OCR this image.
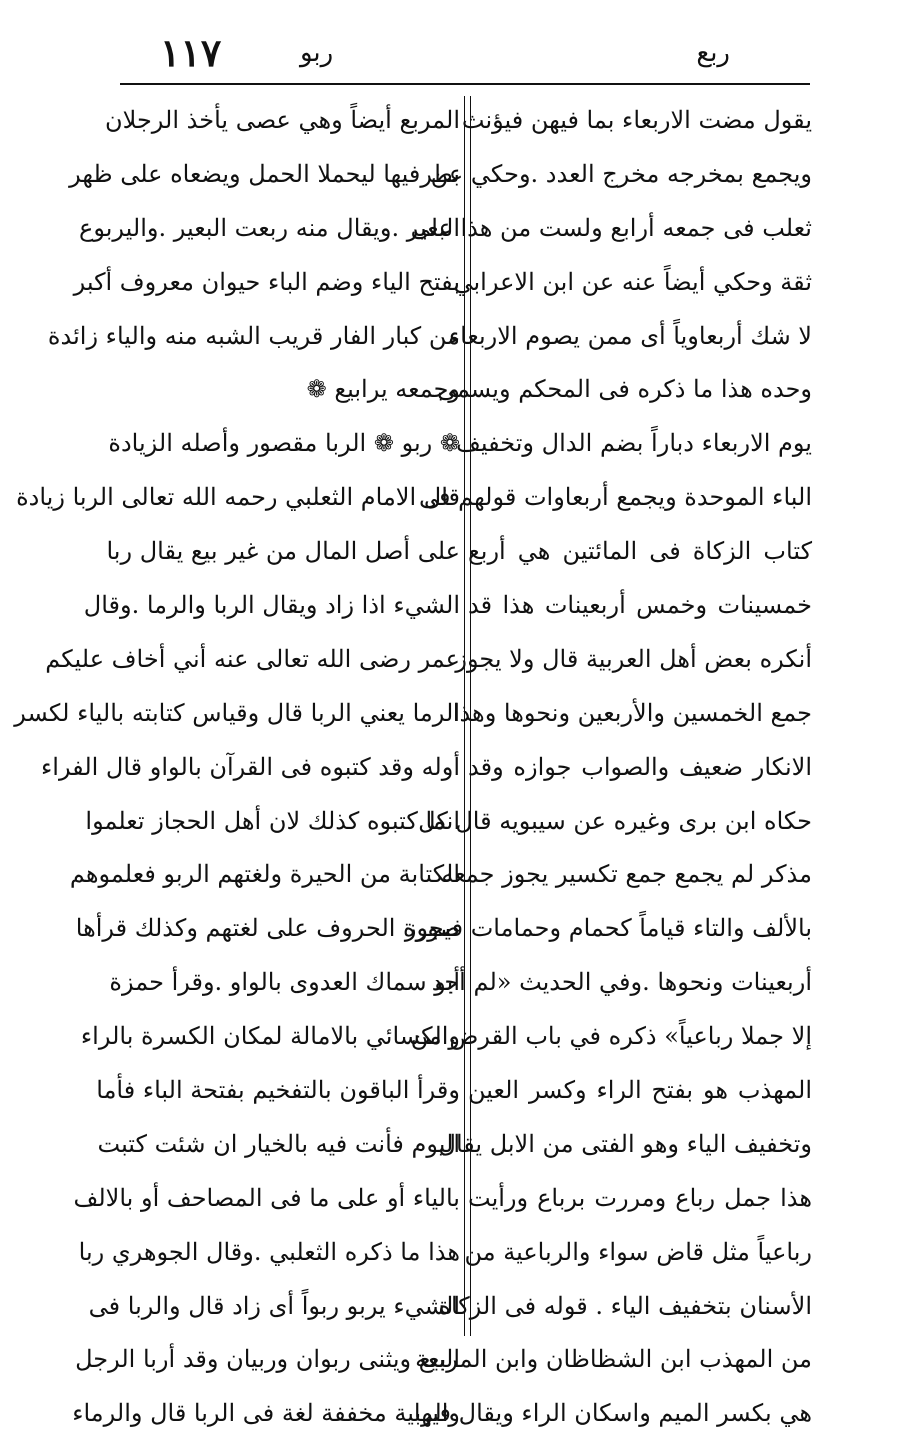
١١٧	ربو	ربع
يقول مضت الاربعاء بما فيهن فيؤنث
ويجمع بمخرجه مخرج العدد .وحكي عن
ثعلب فى جمعه أرابع ولست من هذا على
ثقة وحكي أيضاً عنه عن ابن الاعرابي
لا شك أربعاوياً أى ممن يصوم الاربعاء
وحده هذا ما ذكره فى المحكم ويسمى
يوم الاربعاء دباراً بضم الدال وتخفيف
الباء الموحدة ويجمع أربعاوات قولهم فى
كتاب الزكاة فى المائتين هي أربع
خمسينات وخمس أربعينات هذا قد
أنكره بعض أهل العربية قال ولا يجوز
جمع الخمسين والأربعين ونحوها وهذا
الانكار ضعيف والصواب جوازه وقد
حكاه ابن برى وغيره عن سيبويه قال كل
مذكر لم يجمع جمع تكسير يجوز جمعه
بالألف والتاء قياماً كحمام وحمامات فيجوز
أربعينات ونحوها .وفي الحديث «لم أجد
إلا جملا رباعياً» ذكره في باب القرض من
المهذب هو بفتح الراء وكسر العين
وتخفيف الياء وهو الفتى من الابل يقال
هذا جمل رباع ومررت برباع ورأيت
رباعياً مثل قاض سواء والرباعية من
الأسنان بتخفيف الياء . قوله فى الزكاة
من المهذب ابن الشظاظان وابن المربعة
هي بكسر الميم واسكان الراء ويقال فيها
المربع أيضاً وهي عصى يأخذ الرجلان
بطرفيها ليحملا الحمل ويضعاه على ظهر
البعير .ويقال منه ربعت البعير .واليربوع
بفتح الياء وضم الباء حيوان معروف أكبر
من كبار الفار قريب الشبه منه والياء زائدة
وجمعه يرابيع ❁
❁ ربو ❁ الربا مقصور وأصله الزيادة
قال الامام الثعلبي رحمه الله تعالى الربا زيادة
على أصل المال من غير بيع يقال ربا
الشيء اذا زاد ويقال الربا والرما .وقال
عمر رضى الله تعالى عنه أني أخاف عليكم
الرما يعني الربا قال وقياس كتابته بالياء لكسر
أوله وقد كتبوه فى القرآن بالواو قال الفراء
انما كتبوه كذلك لان أهل الحجاز تعلموا
الكتابة من الحيرة ولغتهم الربو فعلموهم
صورة الحروف على لغتهم وكذلك قرأها
أبو سماك العدوى بالواو .وقرأ حمزة
والكسائي بالامالة لمكان الكسرة بالراء
وقرأ الباقون بالتفخيم بفتحة الباء فأما
اليوم فأنت فيه بالخيار ان شئت كتبت
بالياء أو على ما فى المصاحف أو بالالف
هذا ما ذكره الثعلبي .وقال الجوهري ربا
الشيء يربو ربواً أى زاد قال والربا فى
البيع ويثنى ربوان وربيان وقد أربا الرجل
والربية مخففة لغة فى الربا قال والرماء
